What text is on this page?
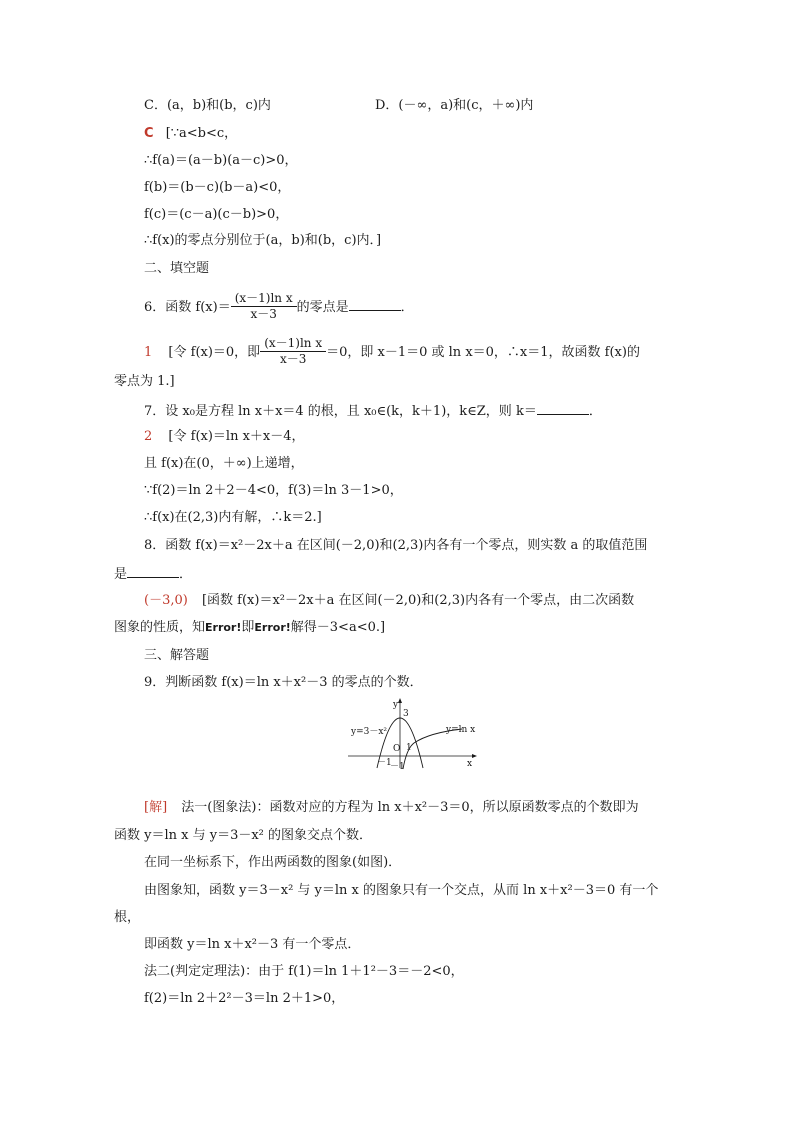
C．(a，b)和(b，c)内	D．(－∞，a)和(c，＋∞)内
C [∵a<b<c，
∴f(a)＝(a－b)(a－c)>0，
f(b)＝(b－c)(b－a)<0，
f(c)＝(c－a)(c－b)>0，
∴f(x)的零点分别位于(a，b)和(b，c)内．]
二、填空题
6．函数 $f(x)= \frac{\text{(x－1)ln x}}{x-3}$ 的零点是	．
1 [令 f(x)＝0，即 $\frac{\text{(x－1)ln x}}{x-3} =0$，即 x－1＝0 或 ln x＝0，∴x＝1，故函数 f(x)的
零点为 1.]
7．设 x₀是方程 ln x＋x＝4 的根，且 x₀∈(k，k＋1)，k∈Z，则 k＝	．
2 [令 f(x)＝ln x＋x－4，
且 f(x)在(0，＋∞)上递增，
∵f(2)＝ln 2＋2－4<0，f(3)＝ln 3－1>0，
∴f(x)在(2,3)内有解，∴k＝2.]
8．函数 f(x)＝x²－2x＋a 在区间(－2,0)和(2,3)内各有一个零点，则实数 a 的取值范围
是	．
(－3,0) [函数 f(x)＝x²－2x＋a 在区间(－2,0)和(2,3)内各有一个零点，由二次函数
图象的性质，知Error!即Error!解得－3<a<0.]
三、解答题
9．判断函数 f(x)＝ln x＋x²－3 的零点的个数．
y=3－x²	y=ln x
y
x
3
1
O
－1
－1
[解] 法一(图象法)：函数对应的方程为 ln x＋x²－3＝0，所以原函数零点的个数即为
函数 y＝ln x 与 y＝3－x² 的图象交点个数．
在同一坐标系下，作出两函数的图象(如图)．
由图象知，函数 y＝3－x² 与 y＝ln x 的图象只有一个交点，从而 ln x＋x²－3＝0 有一个
根，
即函数 y＝ln x＋x²－3 有一个零点．
法二(判定定理法)：由于 f(1)＝ln 1＋1²－3＝－2<0，
f(2)＝ln 2＋2²－3＝ln 2＋1>0，
